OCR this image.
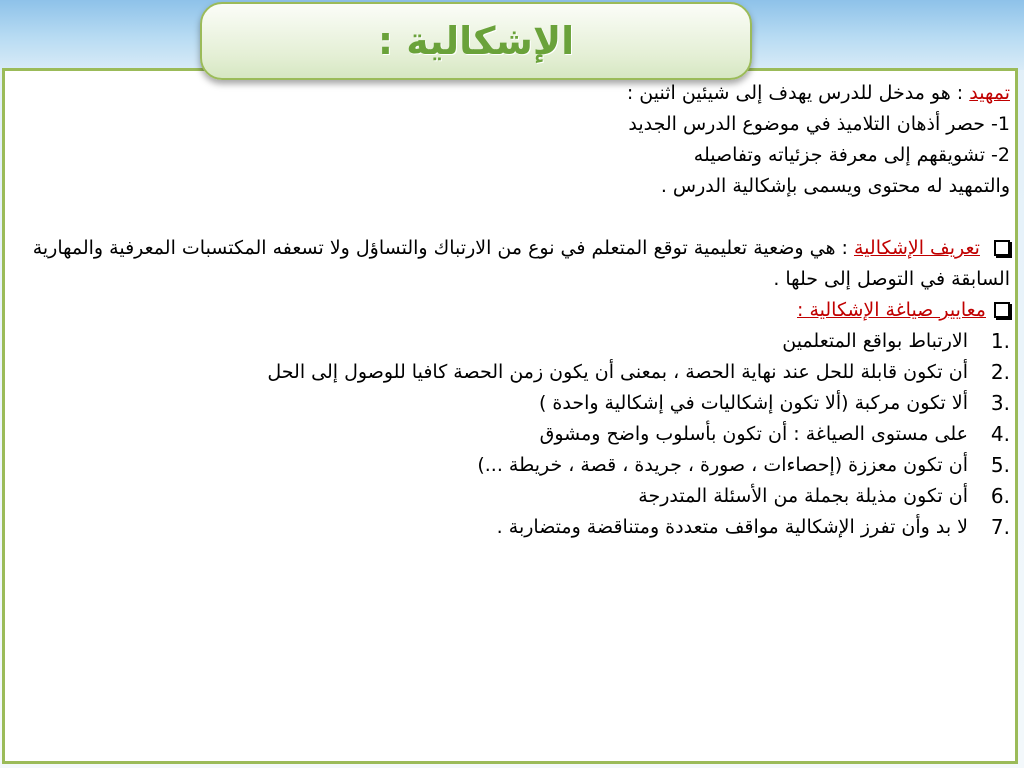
الإشكالية :
تمهيد : هو مدخل للدرس يهدف إلى شيئين اثنين :
1- حصر أذهان التلاميذ في موضوع الدرس الجديد
2- تشويقهم إلى معرفة جزئياته وتفاصيله
والتمهيد له محتوى ويسمى بإشكالية الدرس .
تعريف الإشكالية : هي وضعية تعليمية توقع المتعلم في نوع من الارتباك والتساؤل ولا تسعفه المكتسبات المعرفية والمهارية السابقة في التوصل إلى حلها .
معايير صياغة الإشكالية :
1.
الارتباط بواقع المتعلمين
2.
أن تكون قابلة للحل عند نهاية الحصة ، بمعنى أن يكون زمن الحصة كافيا للوصول إلى الحل
3.
ألا تكون مركبة (ألا تكون إشكاليات في إشكالية واحدة )
4.
على مستوى الصياغة : أن تكون بأسلوب واضح ومشوق
5.
أن تكون معززة (إحصاءات ، صورة ، جريدة ، قصة ، خريطة ...)
6.
أن تكون مذيلة بجملة من الأسئلة المتدرجة
7.
لا بد وأن تفرز الإشكالية مواقف متعددة ومتناقضة ومتضاربة .
